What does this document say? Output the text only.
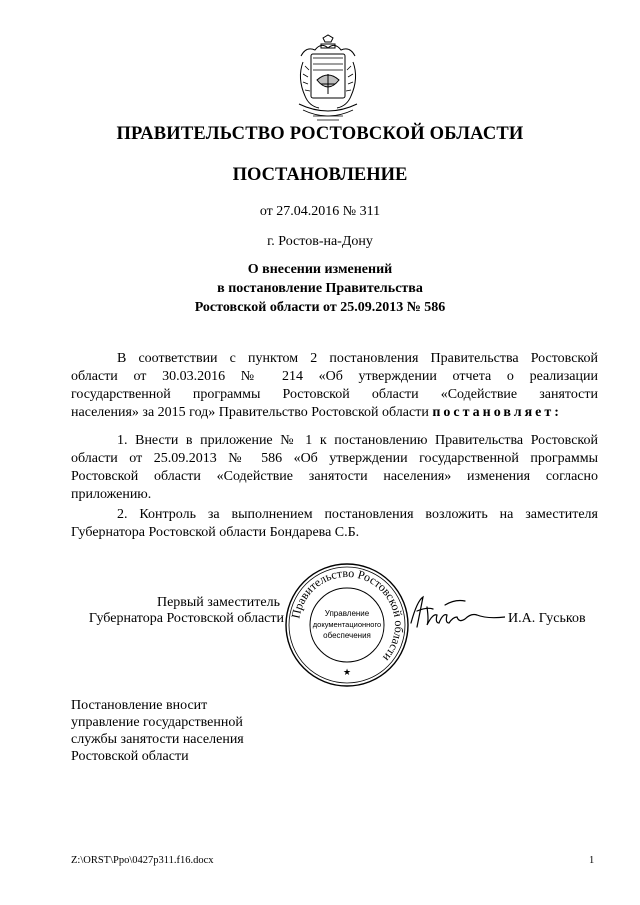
ПРАВИТЕЛЬСТВО РОСТОВСКОЙ ОБЛАСТИ
ПОСТАНОВЛЕНИЕ
от 27.04.2016 № 311
г. Ростов-на-Дону
О внесении изменений
в постановление Правительства
Ростовской области от 25.09.2013 № 586
В соответствии с пунктом 2 постановления Правительства Ростовской
области от 30.03.2016 № 214 «Об утверждении отчета о реализации
государственной программы Ростовской области «Содействие занятости
населения» за 2015 год» Правительство Ростовской области постановляет:
1. Внести в приложение № 1 к постановлению Правительства Ростовской
области от 25.09.2013 № 586 «Об утверждении государственной программы
Ростовской области «Содействие занятости населения» изменения согласно
приложению.
2. Контроль за выполнением постановления возложить на заместителя
Губернатора Ростовской области Бондарева С.Б.
Первый заместитель
Губернатора Ростовской области	И.А. Гуськов
Правительство Ростовской области
Управление
документационного
обеспечения
★
Постановление вносит
управление государственной
службы занятости населения
Ростовской области
Z:\ORST\Ppo\0427p311.f16.docx	1
